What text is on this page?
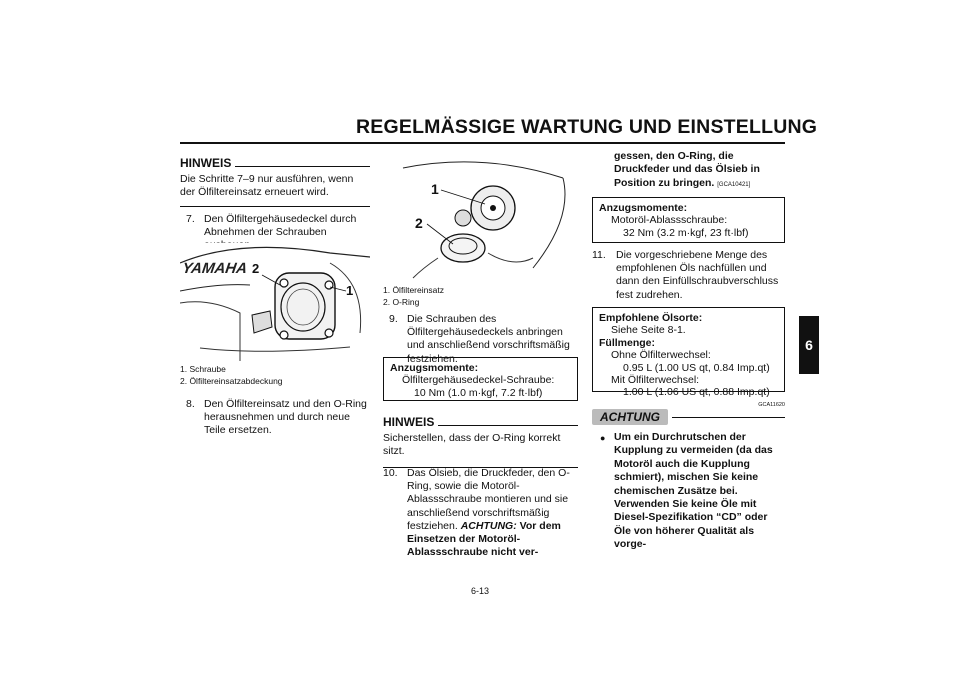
REGELMÄSSIGE WARTUNG UND EINSTELLUNG
6
HINWEIS
Die Schritte 7–9 nur ausführen, wenn der Ölfiltereinsatz erneuert wird.
7. Den Ölfiltergehäusedeckel durch Abnehmen der Schrauben
YAMAHA 2
1
1. Schraube
2. Ölfiltereinsatzabdeckung
8. Den Ölfiltereinsatz und den O-Ring herausnehmen und durch neue Teile ersetzen.
1
2
1. Ölfiltereinsatz
2. O-Ring
9. Die Schrauben des Ölfiltergehäusedeckels anbringen und anschließend vorschriftsmäßig festziehen.
Anzugsmomente:
Ölfiltergehäusedeckel-Schraube:
10 Nm (1.0 m·kgf, 7.2 ft·lbf)
HINWEIS
Sicherstellen, dass der O-Ring korrekt sitzt.
10. Das Ölsieb, die Druckfeder, den O-Ring, sowie die Motoröl-Ablassschraube montieren und sie anschließend vorschriftsmäßig festziehen. ACHTUNG: Vor dem Einsetzen der Motoröl-Ablassschraube nicht ver-
gessen, den O-Ring, die Druckfeder und das Ölsieb in Position zu bringen. [GCA10421]
Anzugsmomente:
Motoröl-Ablassschraube:
32 Nm (3.2 m·kgf, 23 ft·lbf)
11. Die vorgeschriebene Menge des empfohlenen Öls nachfüllen und dann den Einfüllschraubverschluss fest zudrehen.
Empfohlene Ölsorte:
Siehe Seite 8-1.
Füllmenge:
Ohne Ölfilterwechsel:
0.95 L (1.00 US qt, 0.84 Imp.qt)
Mit Ölfilterwechsel:
1.00 L (1.06 US qt, 0.88 Imp.qt)
GCA11620
ACHTUNG
● Um ein Durchrutschen der Kupplung zu vermeiden (da das Motoröl auch die Kupplung schmiert), mischen Sie keine chemischen Zusätze bei. Verwenden Sie keine Öle mit Diesel-Spezifikation “CD” oder Öle von höherer Qualität als vorge-
6-13
